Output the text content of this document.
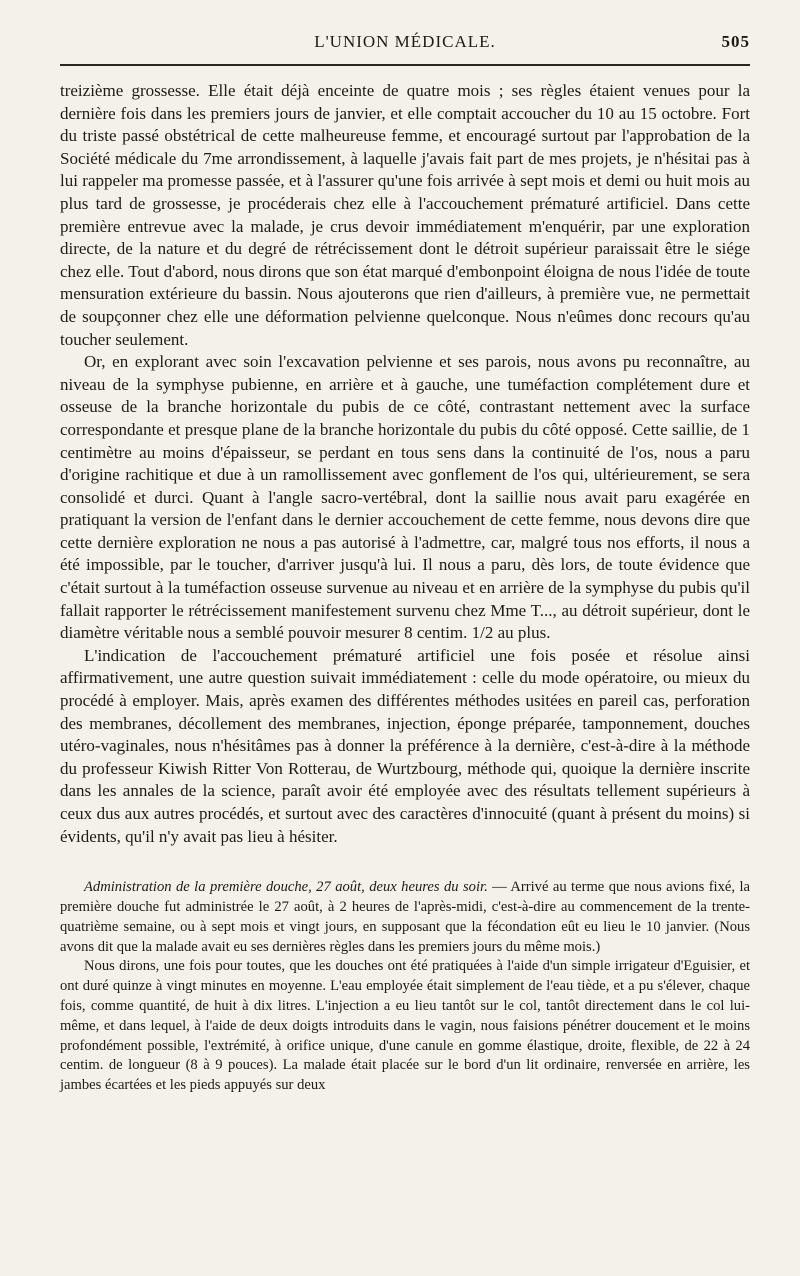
L'UNION MÉDICALE.	505

treizième grossesse. Elle était déjà enceinte de quatre mois ; ses règles étaient venues pour la dernière fois dans les premiers jours de janvier, et elle comptait accoucher du 10 au 15 octobre. Fort du triste passé obstétrical de cette malheureuse femme, et encouragé surtout par l'approbation de la Société médicale du 7me arrondissement, à laquelle j'avais fait part de mes projets, je n'hésitai pas à lui rappeler ma promesse passée, et à l'assurer qu'une fois arrivée à sept mois et demi ou huit mois au plus tard de grossesse, je procéderais chez elle à l'accouchement prématuré artificiel. Dans cette première entrevue avec la malade, je crus devoir immédiatement m'enquérir, par une exploration directe, de la nature et du degré de rétrécissement dont le détroit supérieur paraissait être le siége chez elle. Tout d'abord, nous dirons que son état marqué d'embonpoint éloigna de nous l'idée de toute mensuration extérieure du bassin. Nous ajouterons que rien d'ailleurs, à première vue, ne permettait de soupçonner chez elle une déformation pelvienne quelconque. Nous n'eûmes donc recours qu'au toucher seulement.

Or, en explorant avec soin l'excavation pelvienne et ses parois, nous avons pu reconnaître, au niveau de la symphyse pubienne, en arrière et à gauche, une tuméfaction complétement dure et osseuse de la branche horizontale du pubis de ce côté, contrastant nettement avec la surface correspondante et presque plane de la branche horizontale du pubis du côté opposé. Cette saillie, de 1 centimètre au moins d'épaisseur, se perdant en tous sens dans la continuité de l'os, nous a paru d'origine rachitique et due à un ramollissement avec gonflement de l'os qui, ultérieurement, se sera consolidé et durci. Quant à l'angle sacro-vertébral, dont la saillie nous avait paru exagérée en pratiquant la version de l'enfant dans le dernier accouchement de cette femme, nous devons dire que cette dernière exploration ne nous a pas autorisé à l'admettre, car, malgré tous nos efforts, il nous a été impossible, par le toucher, d'arriver jusqu'à lui. Il nous a paru, dès lors, de toute évidence que c'était surtout à la tuméfaction osseuse survenue au niveau et en arrière de la symphyse du pubis qu'il fallait rapporter le rétrécissement manifestement survenu chez Mme T..., au détroit supérieur, dont le diamètre véritable nous a semblé pouvoir mesurer 8 centim. 1/2 au plus.

L'indication de l'accouchement prématuré artificiel une fois posée et résolue ainsi affirmativement, une autre question suivait immédiatement : celle du mode opératoire, ou mieux du procédé à employer. Mais, après examen des différentes méthodes usitées en pareil cas, perforation des membranes, décollement des membranes, injection, éponge préparée, tamponnement, douches utéro-vaginales, nous n'hésitâmes pas à donner la préférence à la dernière, c'est-à-dire à la méthode du professeur Kiwish Ritter Von Rotterau, de Wurtzbourg, méthode qui, quoique la dernière inscrite dans les annales de la science, paraît avoir été employée avec des résultats tellement supérieurs à ceux dus aux autres procédés, et surtout avec des caractères d'innocuité (quant à présent du moins) si évidents, qu'il n'y avait pas lieu à hésiter.

Administration de la première douche, 27 août, deux heures du soir. — Arrivé au terme que nous avions fixé, la première douche fut administrée le 27 août, à 2 heures de l'après-midi, c'est-à-dire au commencement de la trente-quatrième semaine, ou à sept mois et vingt jours, en supposant que la fécondation eût eu lieu le 10 janvier. (Nous avons dit que la malade avait eu ses dernières règles dans les premiers jours du même mois.)

Nous dirons, une fois pour toutes, que les douches ont été pratiquées à l'aide d'un simple irrigateur d'Eguisier, et ont duré quinze à vingt minutes en moyenne. L'eau employée était simplement de l'eau tiède, et a pu s'élever, chaque fois, comme quantité, de huit à dix litres. L'injection a eu lieu tantôt sur le col, tantôt directement dans le col lui-même, et dans lequel, à l'aide de deux doigts introduits dans le vagin, nous faisions pénétrer doucement et le moins profondément possible, l'extrémité, à orifice unique, d'une canule en gomme élastique, droite, flexible, de 22 à 24 centim. de longueur (8 à 9 pouces). La malade était placée sur le bord d'un lit ordinaire, renversée en arrière, les jambes écartées et les pieds appuyés sur deux
